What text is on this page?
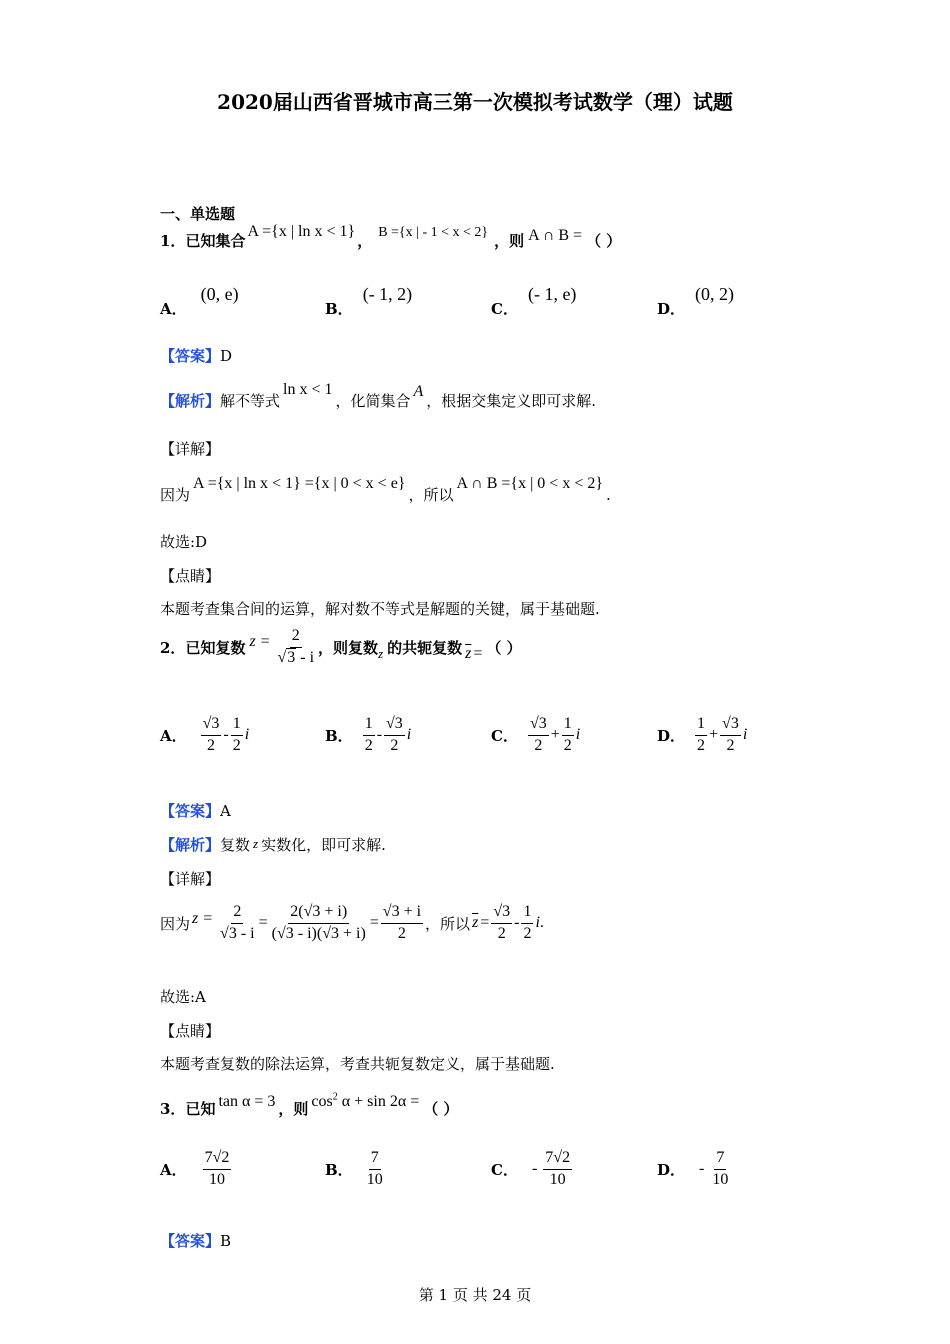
2020届山西省晋城市高三第一次模拟考试数学（理）试题
一、单选题
1．已知集合A ={x | ln x < 1}， B ={x | - 1 < x < 2} ，则 A ∩ B = （ ）
A．(0, e)
B．(- 1, 2)
C．(- 1, e)
D．(0, 2)
【答案】D
【解析】解不等式ln x < 1，化简集合A，根据交集定义即可求解.
【详解】
因为A ={x | ln x < 1} ={x | 0 < x < e}，所以A ∩ B ={x | 0 < x < 2}.
故选:D
【点睛】
本题考查集合间的运算，解对数不等式是解题的关键，属于基础题.
2． 已知复数 $z = \frac{2}{√3 - i}$ ，则复数 z 的共轭复数 $\overline{z}$ = （ ）
A． $\frac{√3}{2} - \frac{1}{2}$ i	B． $\frac{1}{2} - \frac{√3}{2}$ i	C． $\frac{√3}{2} + \frac{1}{2}$ i	D． $\frac{1}{2} + \frac{√3}{2}$ i
【答案】A
【解析】复数 z 实数化，即可求解.
【详解】
因为 $z = \frac{2}{√3 - i} = \frac{2(√3 + i)}{(√3 - i)(√3 + i)} = \frac{√3 + i}{2}$ ，所以 $\overline{z} = \frac{√3}{2} - \frac{1}{2}$ i .
故选:A
【点睛】
本题考查复数的除法运算，考查共轭复数定义，属于基础题.
3．已知 tan α = 3 ，则 $\cos^2 \alpha + \sin 2\alpha$ = （ ）
A． $\frac{7√2}{10}$	B． $\frac{7}{10}$	C． - $\frac{7√2}{10}$	D． - $\frac{7}{10}$
【答案】B
第 1 页 共 24 页
